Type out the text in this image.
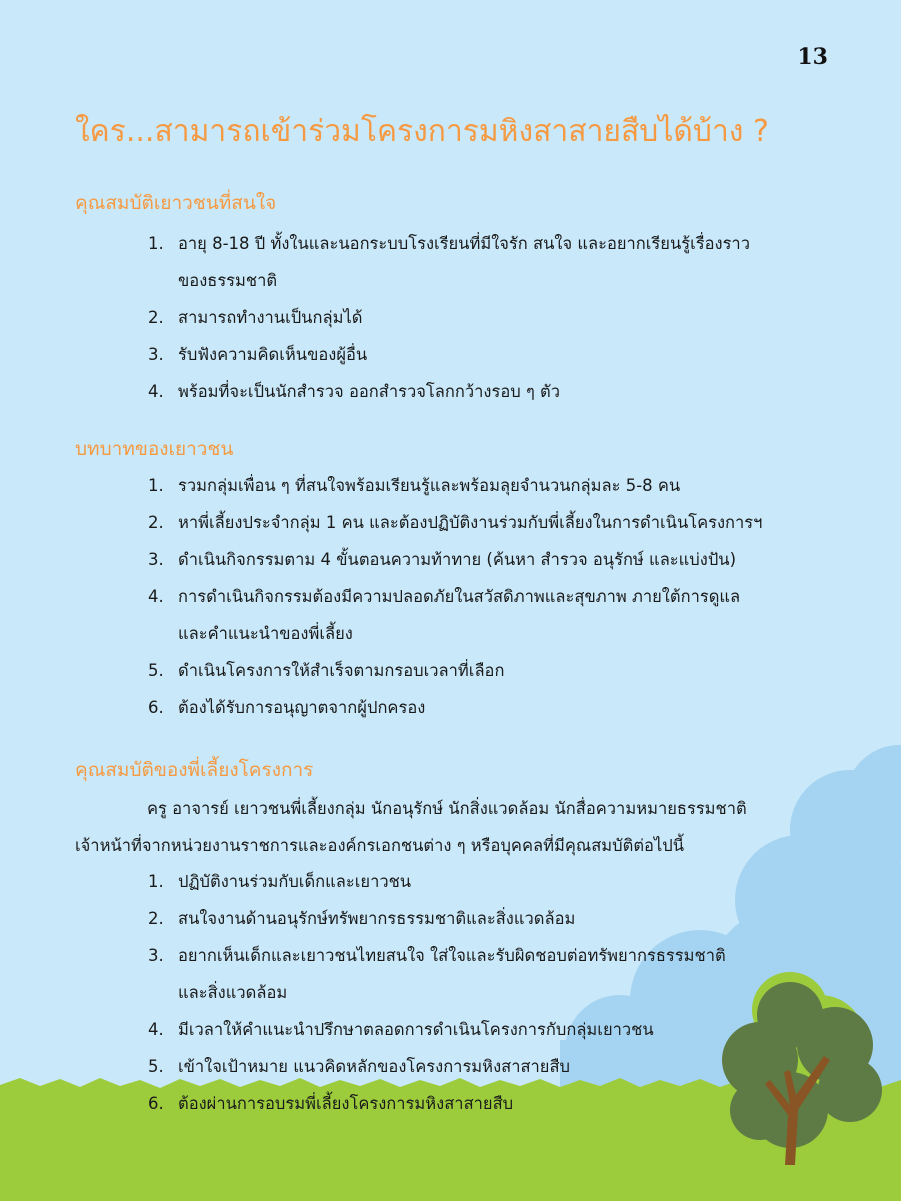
13
ใคร...สามารถเข้าร่วมโครงการมหิงสาสายสืบได้บ้าง ?
คุณสมบัติเยาวชนที่สนใจ
1. อายุ 8-18 ปี ทั้งในและนอกระบบโรงเรียนที่มีใจรัก สนใจ และอยากเรียนรู้เรื่องราว
ของธรรมชาติ
2. สามารถทำงานเป็นกลุ่มได้
3. รับฟังความคิดเห็นของผู้อื่น
4. พร้อมที่จะเป็นนักสำรวจ ออกสำรวจโลกกว้างรอบ ๆ ตัว
บทบาทของเยาวชน
1. รวมกลุ่มเพื่อน ๆ ที่สนใจพร้อมเรียนรู้และพร้อมลุยจำนวนกลุ่มละ 5-8 คน
2. หาพี่เลี้ยงประจำกลุ่ม 1 คน และต้องปฏิบัติงานร่วมกับพี่เลี้ยงในการดำเนินโครงการฯ
3. ดำเนินกิจกรรมตาม 4 ขั้นตอนความท้าทาย (ค้นหา สำรวจ อนุรักษ์ และแบ่งปัน)
4. การดำเนินกิจกรรมต้องมีความปลอดภัยในสวัสดิภาพและสุขภาพ ภายใต้การดูแล
และคำแนะนำของพี่เลี้ยง
5. ดำเนินโครงการให้สำเร็จตามกรอบเวลาที่เลือก
6. ต้องได้รับการอนุญาตจากผู้ปกครอง
คุณสมบัติของพี่เลี้ยงโครงการ
ครู อาจารย์ เยาวชนพี่เลี้ยงกลุ่ม นักอนุรักษ์ นักสิ่งแวดล้อม นักสื่อความหมายธรรมชาติ
เจ้าหน้าที่จากหน่วยงานราชการและองค์กรเอกชนต่าง ๆ หรือบุคคลที่มีคุณสมบัติต่อไปนี้
1. ปฏิบัติงานร่วมกับเด็กและเยาวชน
2. สนใจงานด้านอนุรักษ์ทรัพยากรธรรมชาติและสิ่งแวดล้อม
3. อยากเห็นเด็กและเยาวชนไทยสนใจ ใส่ใจและรับผิดชอบต่อทรัพยากรธรรมชาติ
และสิ่งแวดล้อม
4. มีเวลาให้คำแนะนำปรึกษาตลอดการดำเนินโครงการกับกลุ่มเยาวชน
5. เข้าใจเป้าหมาย แนวคิดหลักของโครงการมหิงสาสายสืบ
6. ต้องผ่านการอบรมพี่เลี้ยงโครงการมหิงสาสายสืบ
